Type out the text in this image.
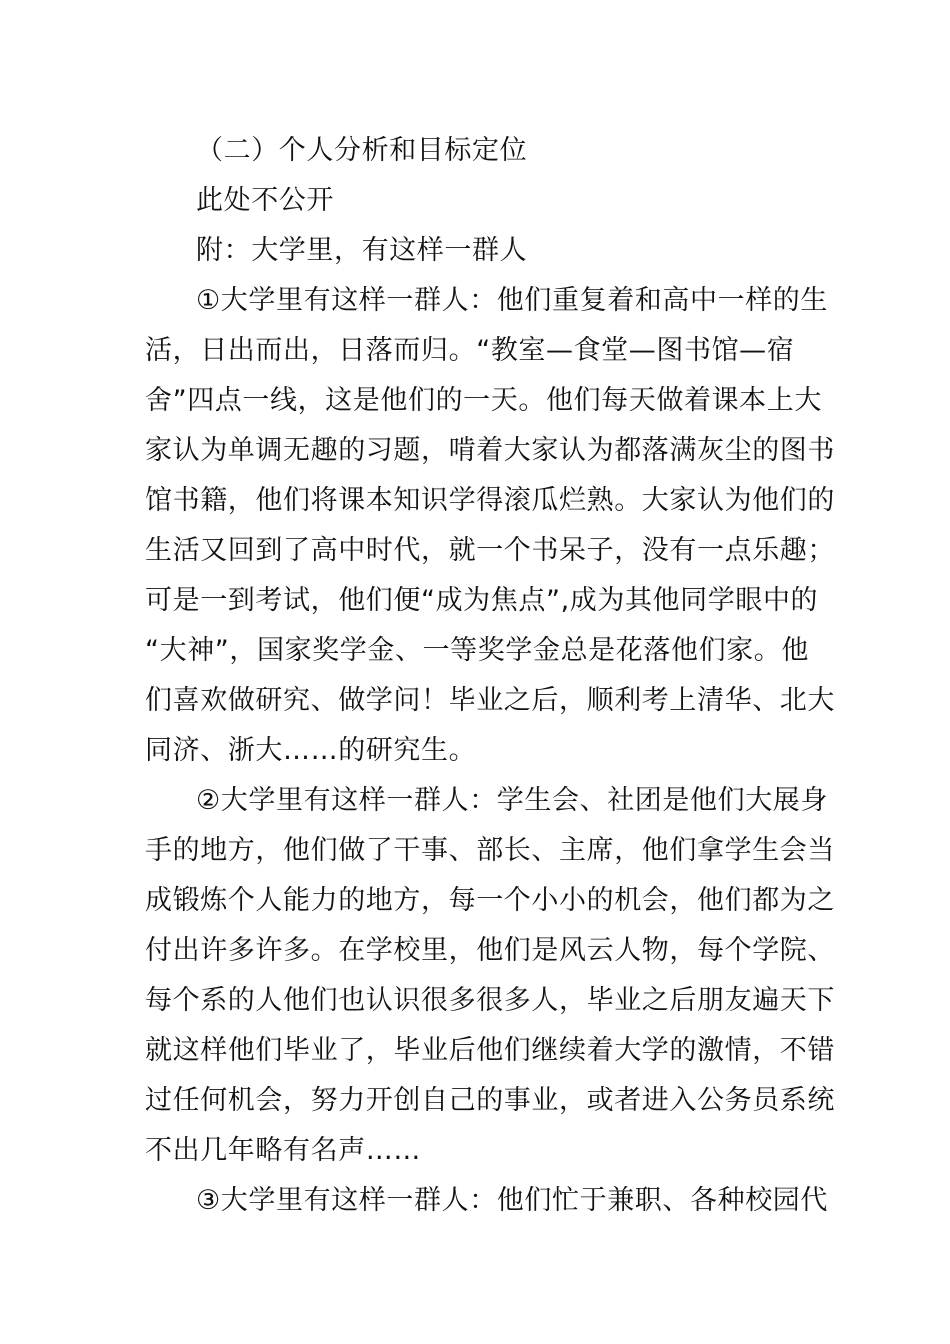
（二）个人分析和目标定位
此处不公开
附：大学里，有这样一群人
①大学里有这样一群人：他们重复着和高中一样的生
活，日出而出，日落而归。“教室—食堂—图书馆—宿
舍”四点一线，这是他们的一天。他们每天做着课本上大
家认为单调无趣的习题，啃着大家认为都落满灰尘的图书
馆书籍，他们将课本知识学得滚瓜烂熟。大家认为他们的
生活又回到了高中时代，就一个书呆子，没有一点乐趣；
可是一到考试，他们便“成为焦点”,成为其他同学眼中的
“大神”，国家奖学金、一等奖学金总是花落他们家。他
们喜欢做研究、做学问！毕业之后，顺利考上清华、北大
同济、浙大……的研究生。
②大学里有这样一群人：学生会、社团是他们大展身
手的地方，他们做了干事、部长、主席，他们拿学生会当
成锻炼个人能力的地方，每一个小小的机会，他们都为之
付出许多许多。在学校里，他们是风云人物，每个学院、
每个系的人他们也认识很多很多人，毕业之后朋友遍天下
就这样他们毕业了，毕业后他们继续着大学的激情，不错
过任何机会，努力开创自己的事业，或者进入公务员系统
不出几年略有名声……
③大学里有这样一群人：他们忙于兼职、各种校园代
